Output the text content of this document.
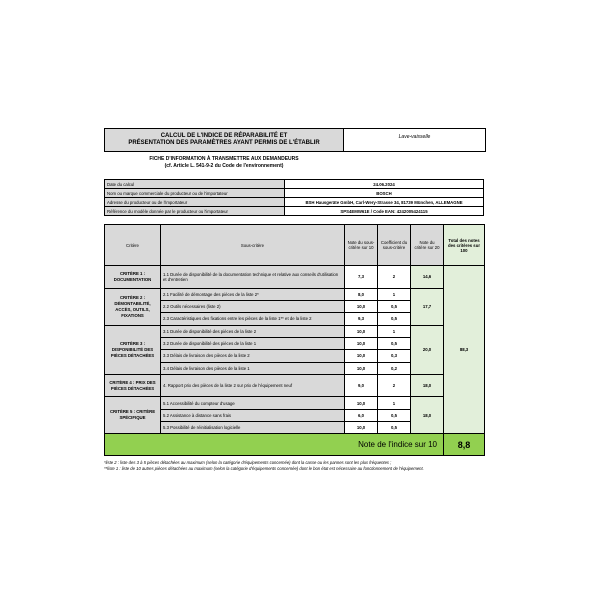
CALCUL DE L'INDICE DE RÉPARABILITÉ ET
PRÉSENTATION DES PARAMÈTRES AYANT PERMIS DE L'ÉTABLIR
Lave-vaisselle
FICHE D'INFORMATION À TRANSMETTRE AUX DEMANDEURS
(cf. Article L. 541-9-2 du Code de l'environnement)
Date du calcul	24.06.2024
Nom ou marque commerciale du producteur ou de l'importateur	BOSCH
Adresse du producteur ou de l'importateur	BSH Hausgeräte GmbH, Carl-Wery-Strasse 34, 81739 München, ALLEMAGNE
Référence du modèle donnée par le producteur ou l'importateur	SPS4EMW61E / Code EAN: 4242005424115
Critère	Sous-critère	Note du sous-critère sur 10	Coefficient du sous-critère	Note du critère sur 20	Total des notes des critères sur 100
CRITÈRE 1 : DOCUMENTATION	1.1 Durée de disponibilité de la documentation technique et relative aux conseils d'utilisation et d'entretien	7,3	2	14,6	88,3
CRITÈRE 2 : DÉMONTABILITÉ, ACCÈS, OUTILS, FIXATIONS	2.1 Facilité de démontage des pièces de la liste 2*	8,0	1	17,7	
	2.2 Outils nécessaires (liste 2)	10,0	0,5		
	2.3 Caractéristiques des fixations entre les pièces de la liste 1** et de la liste 2	9,3	0,5		
CRITÈRE 3 : DISPONIBILITÉ DES PIÈCES DÉTACHÉES	3.1 Durée de disponibilité des pièces de la liste 2	10,0	1	20,0	
	3.2 Durée de disponibilité des pièces de la liste 1	10,0	0,5		
	3.3 Délais de livraison des pièces de la liste 2	10,0	0,3		
	3.4 Délais de livraison des pièces de la liste 1	10,0	0,2		
CRITÈRE 4 : PRIX DES PIÈCES DÉTACHÉES	4. Rapport prix des pièces de la liste 2 sur prix de l'équipement neuf	9,0	2	18,0	
CRITÈRE 5 : CRITÈRE SPÉCIFIQUE	5.1 Accessibilité du compteur d'usage	10,0	1	18,0	
	5.2 Assistance à distance sans frais	6,0	0,5		
	5.3 Possibilité de réinitialisation logicielle	10,0	0,5		
Note de l'indice sur 10					8,8
*liste 2 : liste des 3 à 5 pièces détachées au maximum (selon la catégorie d'équipements concernée) dont la casse ou les pannes sont les plus fréquentes ;
**liste 1 : liste de 10 autres pièces détachées au maximum (selon la catégorie d'équipements concernée) dont le bon état est nécessaire au fonctionnement de l'équipement.
